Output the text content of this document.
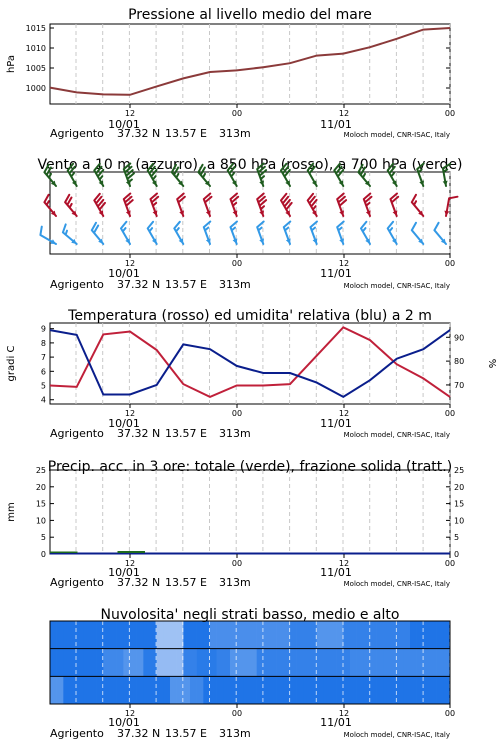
Pressione al livello medio del mare
1000
1005
1010
1015
hPa
12	00	12	00
10/01	11/01
Agrigento 37.32 N 13.57 E 313m	Moloch model, CNR-ISAC, Italy
Vento a 10 m (azzurro), a 850 hPa (rosso), a 700 hPa (verde)
12	00	12	00
10/01	11/01
Agrigento 37.32 N 13.57 E 313m	Moloch model, CNR-ISAC, Italy
Temperatura (rosso) ed umidita' relativa (blu) a 2 m
4
5
6
7
8
9
70
80
90
gradi C	%
12	00	12	00
10/01	11/01
Agrigento 37.32 N 13.57 E 313m	Moloch model, CNR-ISAC, Italy
Precip. acc. in 3 ore: totale (verde), frazione solida (tratt.)
0	0
5	5
10	10
15	15
20	20
25	25
mm
12	00	12	00
10/01	11/01
Agrigento 37.32 N 13.57 E 313m	Moloch model, CNR-ISAC, Italy
Nuvolosita' negli strati basso, medio e alto
12	00	12	00
10/01	11/01
Agrigento 37.32 N 13.57 E 313m	Moloch model, CNR-ISAC, Italy
